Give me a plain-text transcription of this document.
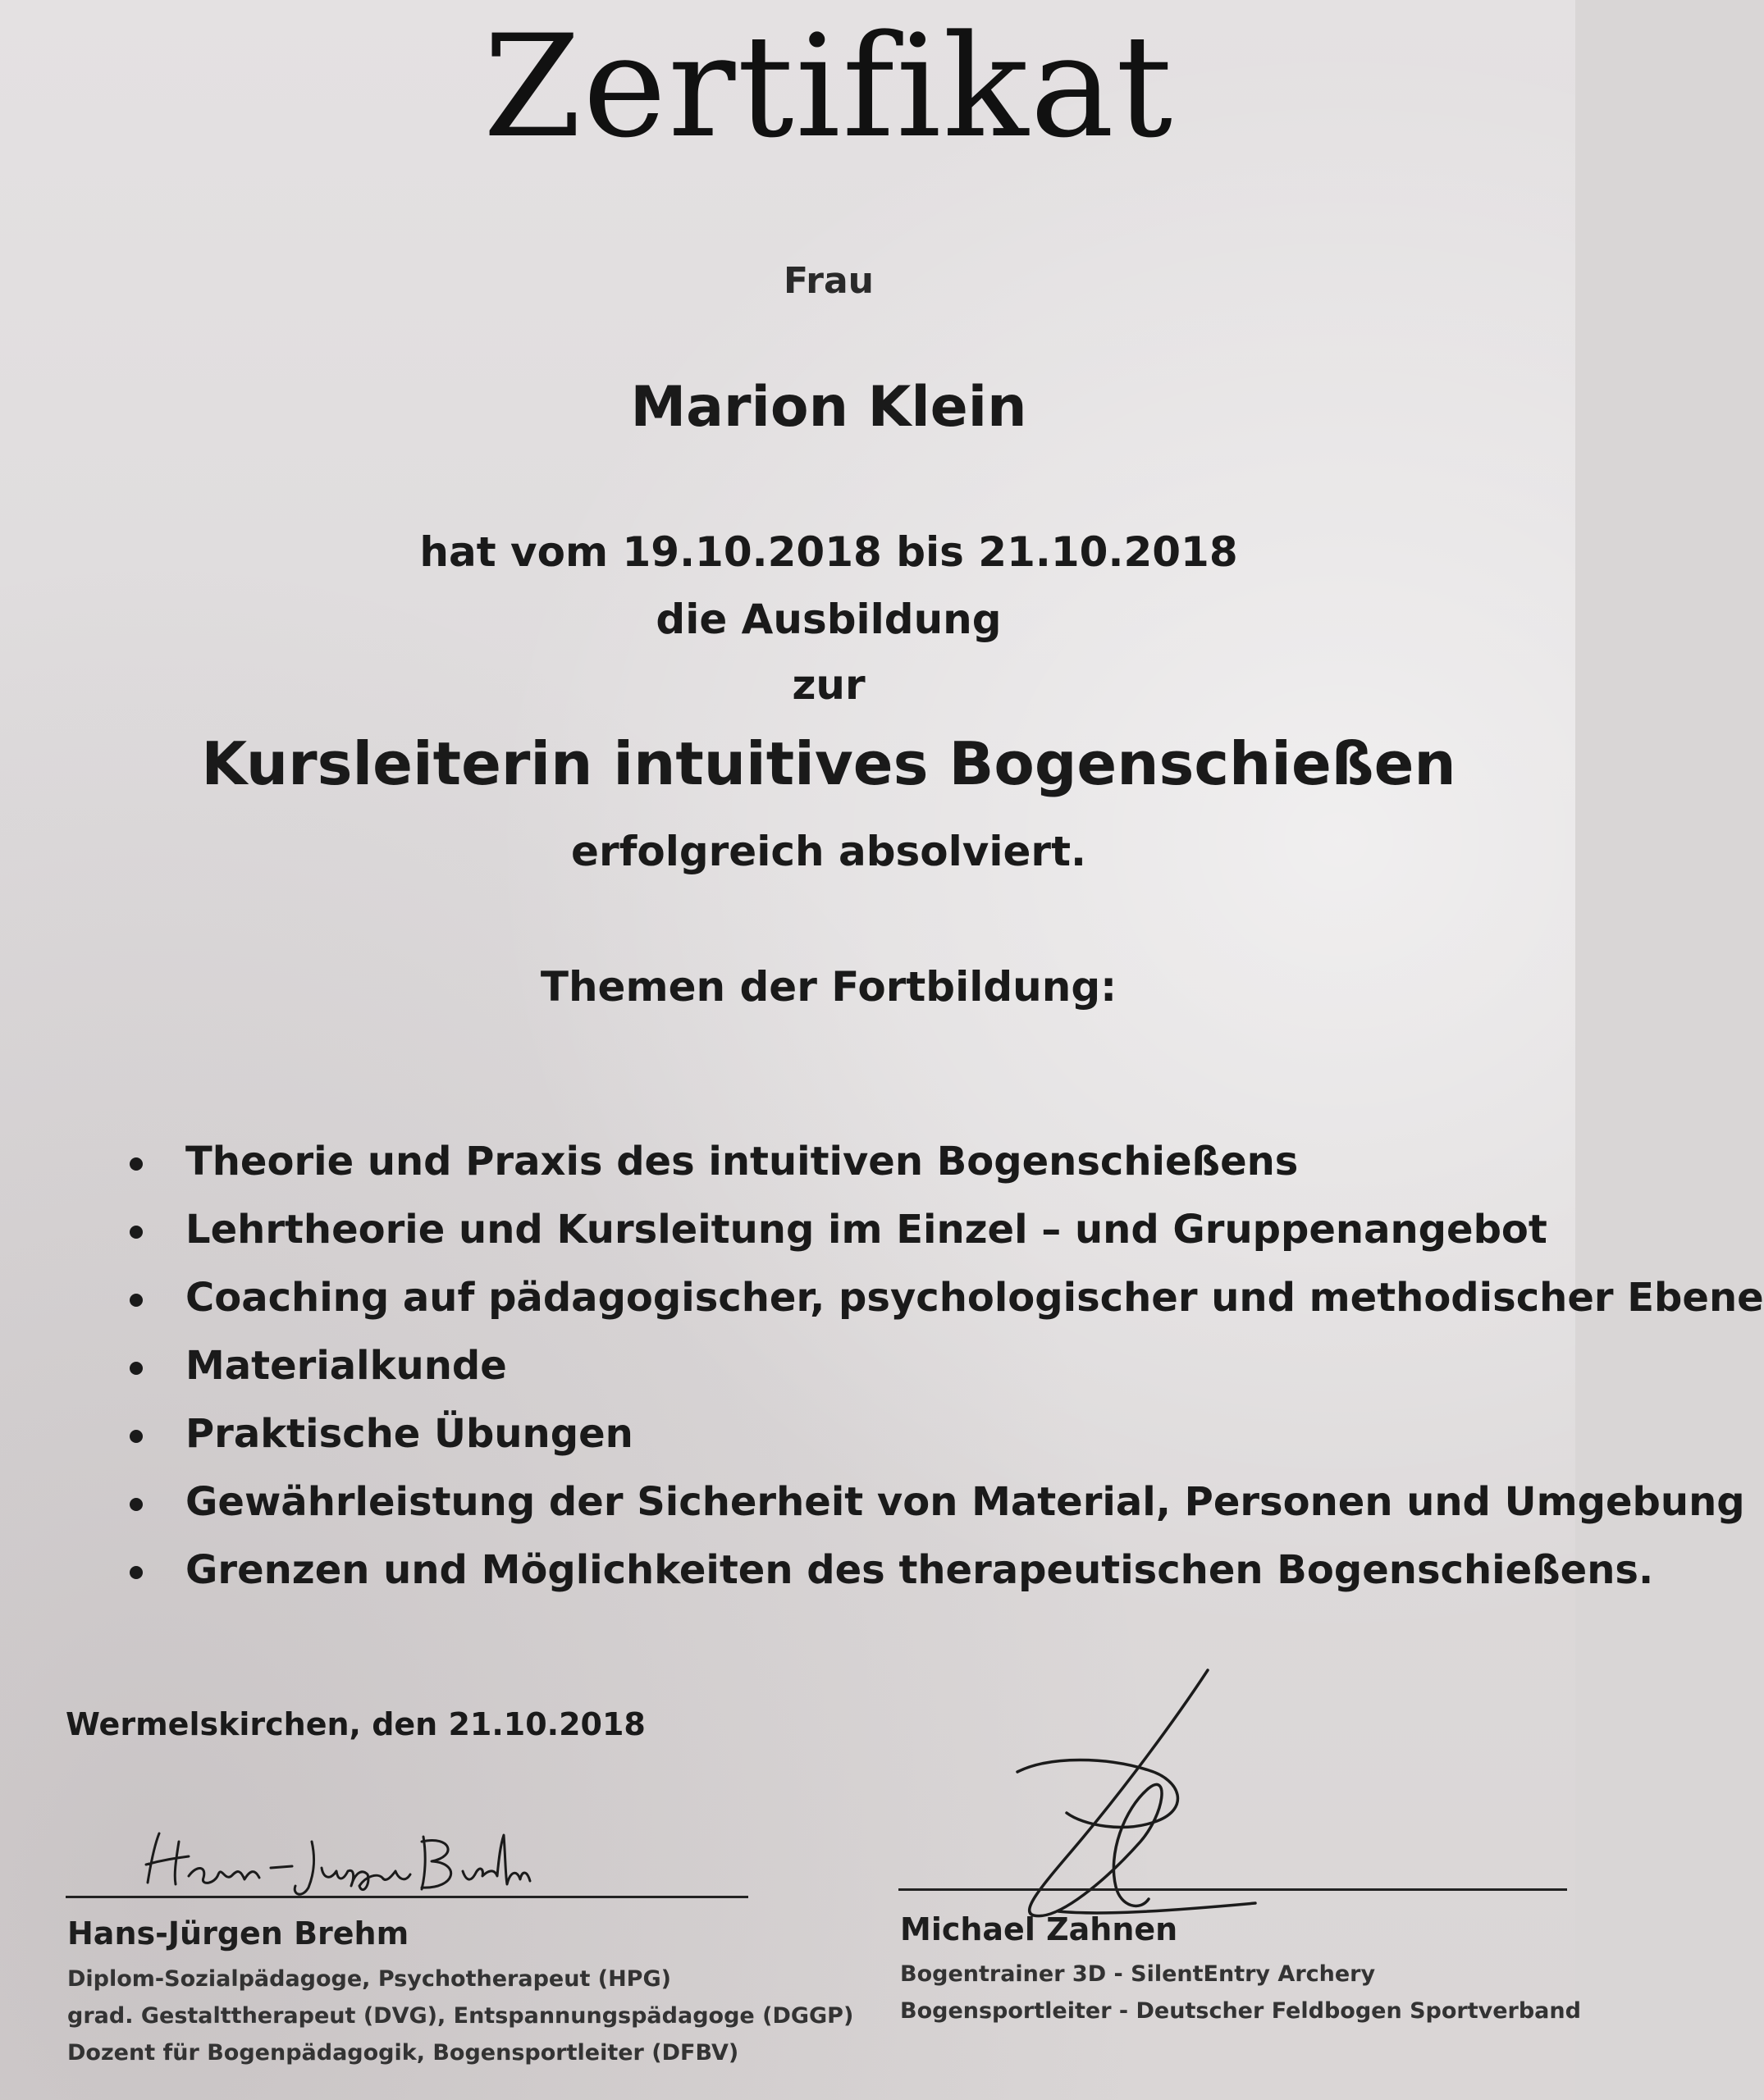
Zertifikat
Frau
Marion Klein
hat vom 19.10.2018 bis 21.10.2018
die Ausbildung
zur
Kursleiterin intuitives Bogenschießen
erfolgreich absolviert.
Themen der Fortbildung:
Theorie und Praxis des intuitiven Bogenschießens
Lehrtheorie und Kursleitung im Einzel – und Gruppenangebot
Coaching auf pädagogischer, psychologischer und methodischer Ebene
Materialkunde
Praktische Übungen
Gewährleistung der Sicherheit von Material, Personen und Umgebung
Grenzen und Möglichkeiten des therapeutischen Bogenschießens.
Wermelskirchen, den 21.10.2018
Hans-Jürgen Brehm
Diplom-Sozialpädagoge, Psychotherapeut (HPG)
grad. Gestalttherapeut (DVG), Entspannungspädagoge (DGGP)
Dozent für Bogenpädagogik, Bogensportleiter (DFBV)
Michael Zahnen
Bogentrainer 3D - SilentEntry Archery
Bogensportleiter - Deutscher Feldbogen Sportverband
